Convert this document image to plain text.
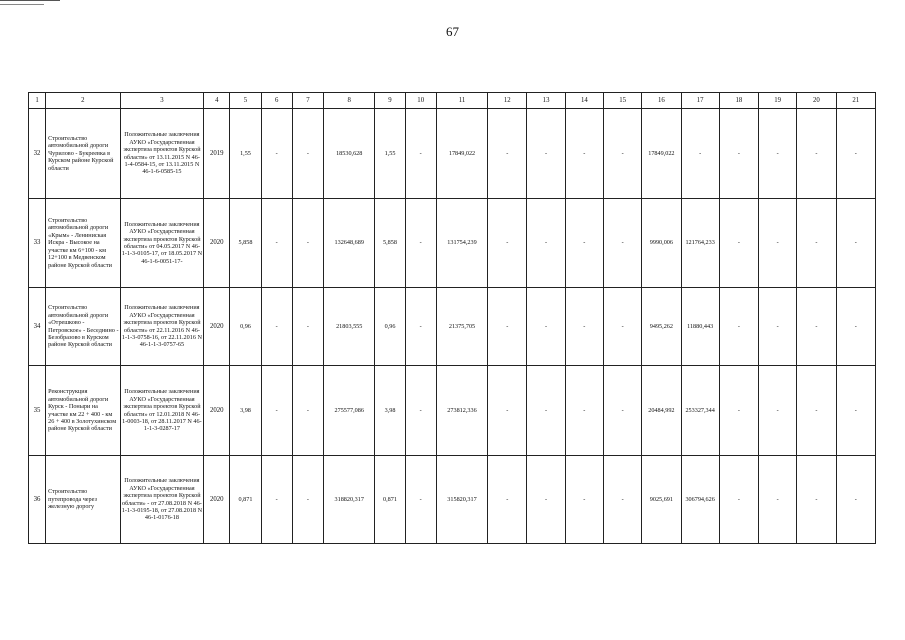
67
1	2	3	4	5	6	7	8	9	10	11	12	13	14	15	16	17	18	19	20	21
32	Строительство автомобильной дороги Чурилово - Букреевка в Курском районе Курской области	Положительные заключения АУКО «Государственная экспертиза проектов Курской области» от 13.11.2015 N 46-1-4-0584-15, от 13.11.2015 N 46-1-6-0585-15	2019	1,55	-	-	18530,628	1,55	-	17849,022	-	-	-	-	17849,022	-	-	-	-	-
33	Строительство автомобильной дороги «Крым» - Лениниская Искра - Высокое на участке км 6+100 - км 12+100 в Медвенском районе Курской области	Положительные заключения АУКО «Государственная экспертиза проектов Курской области» от 04.05.2017 N 46-1-1-3-0105-17, от 18.05.2017 N 46-1-6-0051-17-	2020	5,858	-	-	132648,689	5,858	-	131754,239	-	-	-	-	9990,006	121764,233	-	-	-	-
34	Строительство автомобильной дороги «Отрешково - Петровское» - Беседнино - Безобразово в Курском районе Курской области	Положительные заключения АУКО «Государственная экспертиза проектов Курской области» от 22.11.2016 N 46-1-1-3-0758-16, от 22.11.2016 N 46-1-1-3-0757-65	2020	0,96	-	-	21803,555	0,96	-	21375,705	-	-	-	-	9495,262	11880,443	-	-	-	-
35	Реконструкция автомобильной дороги Курск - Поныри на участке км 22 + 400 - км 26 + 400 в Золотухинском районе Курской области	Положительные заключения АУКО «Государственная экспертиза проектов Курской области» от 12.01.2018 N 46-1-0003-18, от 28.11.2017 N 46-1-1-3-0287-17	2020	3,98	-	-	275577,086	3,98	-	273812,336	-	-	-	-	20484,992	253327,344	-	-	-	-
36	Строительство путепровода через железную дорогу	Положительные заключения АУКО «Государственная экспертиза проектов Курской области» - от 27.08.2018 N 46-1-1-3-0195-18, от 27.08.2018 N 46-1-0176-18	2020	0,871	-	-	318820,317	0,871	-	315820,317	-	-	-	-	9025,691	306794,626	-	-	-	-
